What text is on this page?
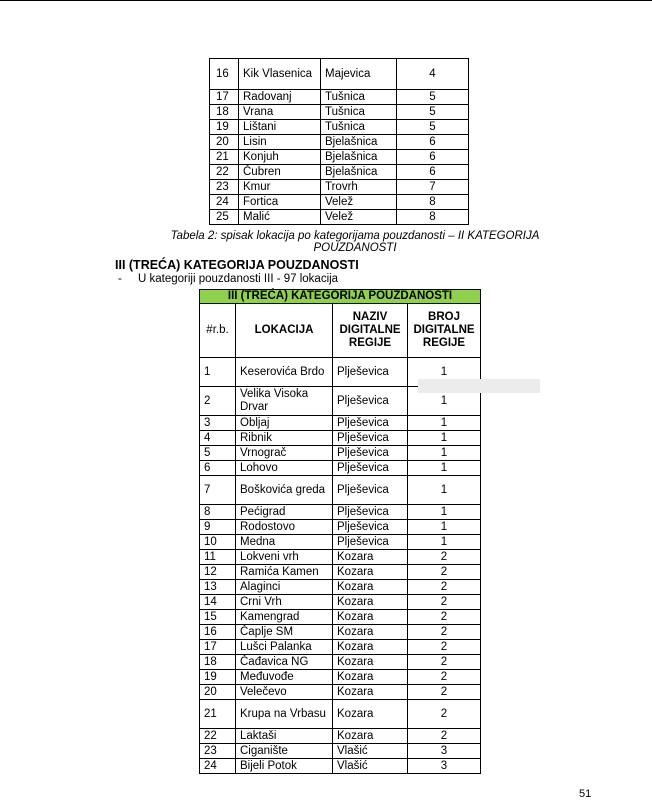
16	Kik Vlasenica	Majevica	4
17	Radovanj	Tušnica	5
18	Vrana	Tušnica	5
19	Lištani	Tušnica	5
20	Lisin	Bjelašnica	6
21	Konjuh	Bjelašnica	6
22	Čubren	Bjelašnica	6
23	Kmur	Trovrh	7
24	Fortica	Velež	8
25	Malić	Velež	8
Tabela 2: spisak lokacija po kategorijama pouzdanosti – II KATEGORIJA POUZDANOSTI
III (TREĆA) KATEGORIJA POUZDANOSTI
- U kategoriji pouzdanosti III - 97 lokacija
III (TREĆA) KATEGORIJA POUZDANOSTI			
#r.b.	LOKACIJA	NAZIV DIGITALNE REGIJE	BROJ DIGITALNE REGIJE
1	Keserovića Brdo	Plješevica	1
2	Velika Visoka Drvar	Plješevica	1
3	Obljaj	Plješevica	1
4	Ribnik	Plješevica	1
5	Vrnograč	Plješevica	1
6	Lohovo	Plješevica	1
7	Boškovića greda	Plješevica	1
8	Pećigrad	Plješevica	1
9	Rodostovo	Plješevica	1
10	Medna	Plješevica	1
11	Lokveni vrh	Kozara	2
12	Ramića Kamen	Kozara	2
13	Alaginci	Kozara	2
14	Crni Vrh	Kozara	2
15	Kamengrad	Kozara	2
16	Čaplje SM	Kozara	2
17	Lušci Palanka	Kozara	2
18	Čađavica NG	Kozara	2
19	Međuvođe	Kozara	2
20	Velečevo	Kozara	2
21	Krupa na Vrbasu	Kozara	2
22	Laktaši	Kozara	2
23	Ciganište	Vlašić	3
24	Bijeli Potok	Vlašić	3
51
